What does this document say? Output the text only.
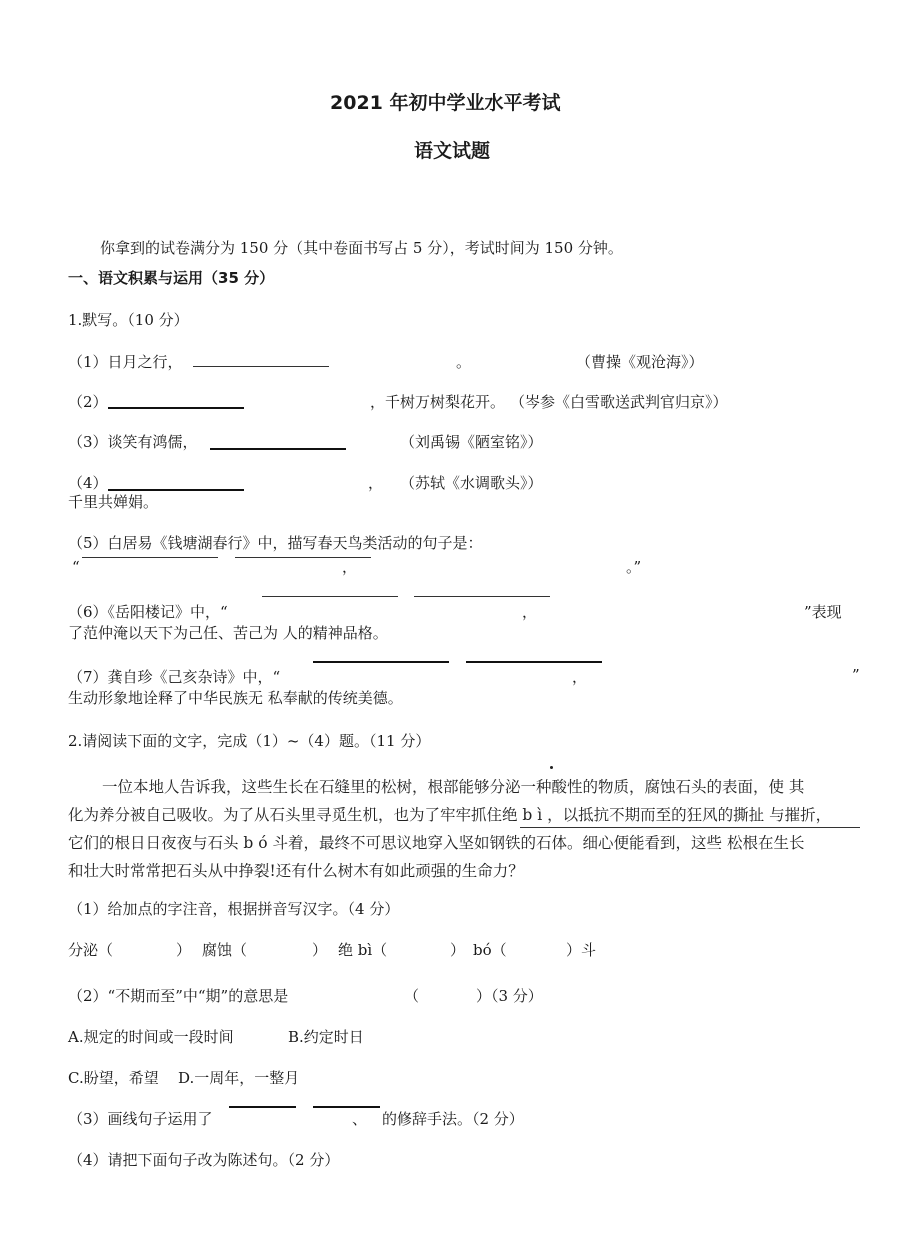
2021 年初中学业水平考试
语文试题
你拿到的试卷满分为 150 分（其中卷面书写占 5 分），考试时间为 150 分钟。
一、语文积累与运用（35 分）
1.默写。（10 分）
（1）日月之行，	。	（曹操《观沧海》）
（2）	，千树万树梨花开。 （岑参《白雪歌送武判官归京》）
（3）谈笑有鸿儒，	（刘禹锡《陋室铭》）
（4）	， （苏轼《水调歌头》）
千里共婵娟。
（5）白居易《钱塘湖春行》中，描写春天鸟类活动的句子是：
“	，	。”
（6）《岳阳楼记》中，“	，	”表现
了范仲淹以天下为己任、苦己为 人的精神品格。
（7）龚自珍《己亥杂诗》中，“	，	”
生动形象地诠释了中华民族无 私奉献的传统美德。
2.请阅读下面的文字，完成（1）~（4）题。（11 分）
一位本地人告诉我，这些生长在石缝里的松树，根部能够分泌一种酸性的物质，腐蚀石头的表面，使 其
化为养分被自己吸收。为了从石头里寻觅生机，也为了牢牢抓住绝 b ì ，以抵抗不期而至的狂风的撕扯 与摧折，
它们的根日日夜夜与石头 b ó 斗着，最终不可思议地穿入坚如钢铁的石体。细心便能看到，这些 松根在生长
和壮大时常常把石头从中挣裂!还有什么树木有如此顽强的生命力？
（1）给加点的字注音，根据拼音写汉字。（4 分）
分泌（	） 腐蚀（	） 绝 bì（	） bó（	）斗
（2）“不期而至”中“期”的意思是	（	）（3 分）
A.规定的时间或一段时间	B.约定时日
C.盼望，希望 D.一周年，一整月
（3）画线句子运用了	、 的修辞手法。（2 分）
（4）请把下面句子改为陈述句。（2 分）
